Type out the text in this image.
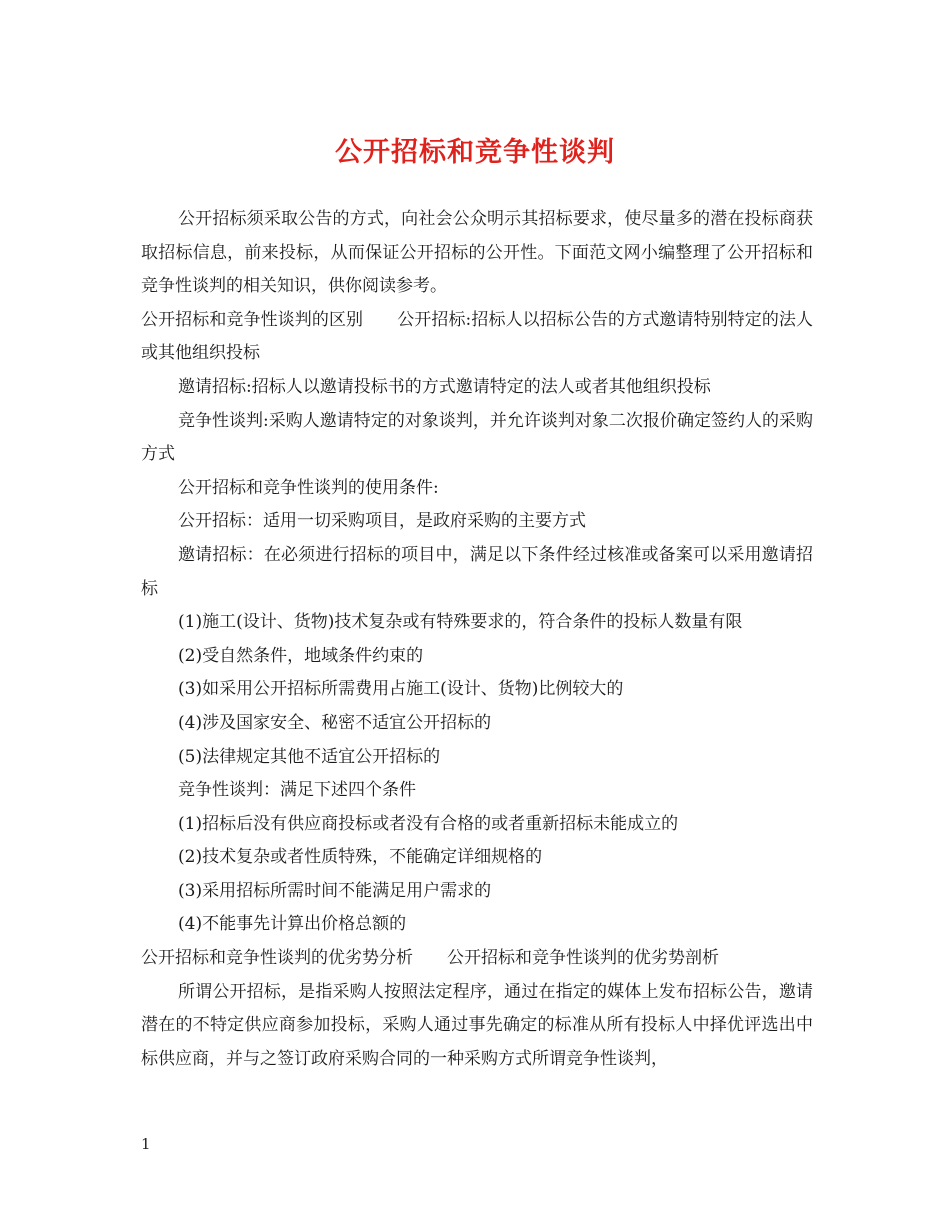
公开招标和竞争性谈判

公开招标须采取公告的方式，向社会公众明示其招标要求，使尽量多的潜在投标商获取招标信息，前来投标，从而保证公开招标的公开性。下面范文网小编整理了公开招标和竞争性谈判的相关知识，供你阅读参考。

公开招标和竞争性谈判的区别 公开招标:招标人以招标公告的方式邀请特别特定的法人或其他组织投标

邀请招标:招标人以邀请投标书的方式邀请特定的法人或者其他组织投标

竞争性谈判:采购人邀请特定的对象谈判，并允许谈判对象二次报价确定签约人的采购方式

公开招标和竞争性谈判的使用条件:

公开招标：适用一切采购项目，是政府采购的主要方式

邀请招标：在必须进行招标的项目中，满足以下条件经过核准或备案可以采用邀请招标

(1)施工(设计、货物)技术复杂或有特殊要求的，符合条件的投标人数量有限

(2)受自然条件，地域条件约束的

(3)如采用公开招标所需费用占施工(设计、货物)比例较大的

(4)涉及国家安全、秘密不适宜公开招标的

(5)法律规定其他不适宜公开招标的

竞争性谈判：满足下述四个条件

(1)招标后没有供应商投标或者没有合格的或者重新招标未能成立的

(2)技术复杂或者性质特殊，不能确定详细规格的

(3)采用招标所需时间不能满足用户需求的

(4)不能事先计算出价格总额的

公开招标和竞争性谈判的优劣势分析 公开招标和竞争性谈判的优劣势剖析

所谓公开招标，是指采购人按照法定程序，通过在指定的媒体上发布招标公告，邀请潜在的不特定供应商参加投标，采购人通过事先确定的标准从所有投标人中择优评选出中标供应商，并与之签订政府采购合同的一种采购方式所谓竞争性谈判，

1
